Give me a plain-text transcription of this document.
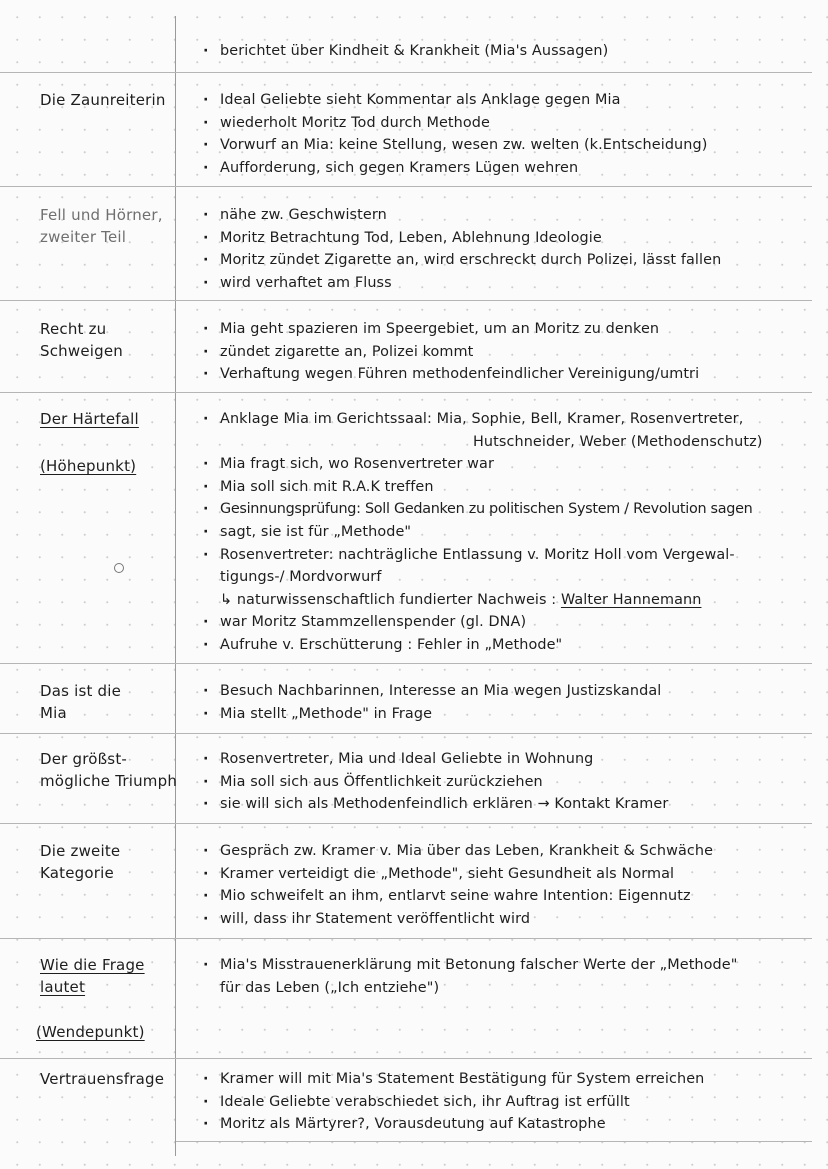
· berichtet über Kindheit & Krankheit (Mia's Aussagen)
Die Zaunreiterin	· Ideal Geliebte sieht Kommentar als Anklage gegen Mia
· wiederholt Moritz Tod durch Methode
· Vorwurf an Mia: keine Stellung, wesen zw. welten (k.Entscheidung)
· Aufforderung, sich gegen Kramers Lügen wehren
Fell und Hörner,
zweiter Teil
· nähe zw. Geschwistern
· Moritz Betrachtung Tod, Leben, Ablehnung Ideologie
· Moritz zündet Zigarette an, wird erschreckt durch Polizei, lässt fallen
· wird verhaftet am Fluss
Recht zu
Schweigen
· Mia geht spazieren im Speergebiet, um an Moritz zu denken
· zündet zigarette an, Polizei kommt
· Verhaftung wegen Führen methodenfeindlicher Vereinigung/umtri
Der Härtefall
(Höhepunkt)
· Anklage Mia im Gerichtssaal: Mia, Sophie, Bell, Kramer, Rosenvertreter,
Hutschneider, Weber (Methodenschutz)
· Mia fragt sich, wo Rosenvertreter war
· Mia soll sich mit R.A.K treffen
· Gesinnungsprüfung: Soll Gedanken zu politischen System / Revolution sagen
· sagt, sie ist für „Methode"
· Rosenvertreter: nachträgliche Entlassung v. Moritz Holl vom Vergewal-
tigungs-/ Mordvorwurf
↳ naturwissenschaftlich fundierter Nachweis : Walter Hannemann
· war Moritz Stammzellenspender (gl. DNA)
· Aufruhe v. Erschütterung : Fehler in „Methode"
Das ist die
Mia
· Besuch Nachbarinnen, Interesse an Mia wegen Justizskandal
· Mia stellt „Methode" in Frage
Der größst-
mögliche Triumph
· Rosenvertreter, Mia und Ideal Geliebte in Wohnung
· Mia soll sich aus Öffentlichkeit zurückziehen
· sie will sich als Methodenfeindlich erklären → Kontakt Kramer
Die zweite
Kategorie
· Gespräch zw. Kramer v. Mia über das Leben, Krankheit & Schwäche
· Kramer verteidigt die „Methode", sieht Gesundheit als Normal
· Mio schweifelt an ihm, entlarvt seine wahre Intention: Eigennutz
· will, dass ihr Statement veröffentlicht wird
Wie die Frage
lautet
(Wendepunkt)
· Mia's Misstrauenerklärung mit Betonung falscher Werte der „Methode"
für das Leben („Ich entziehe")
Vertrauensfrage	· Kramer will mit Mia's Statement Bestätigung für System erreichen
· Ideale Geliebte verabschiedet sich, ihr Auftrag ist erfüllt
· Moritz als Märtyrer?, Vorausdeutung auf Katastrophe
